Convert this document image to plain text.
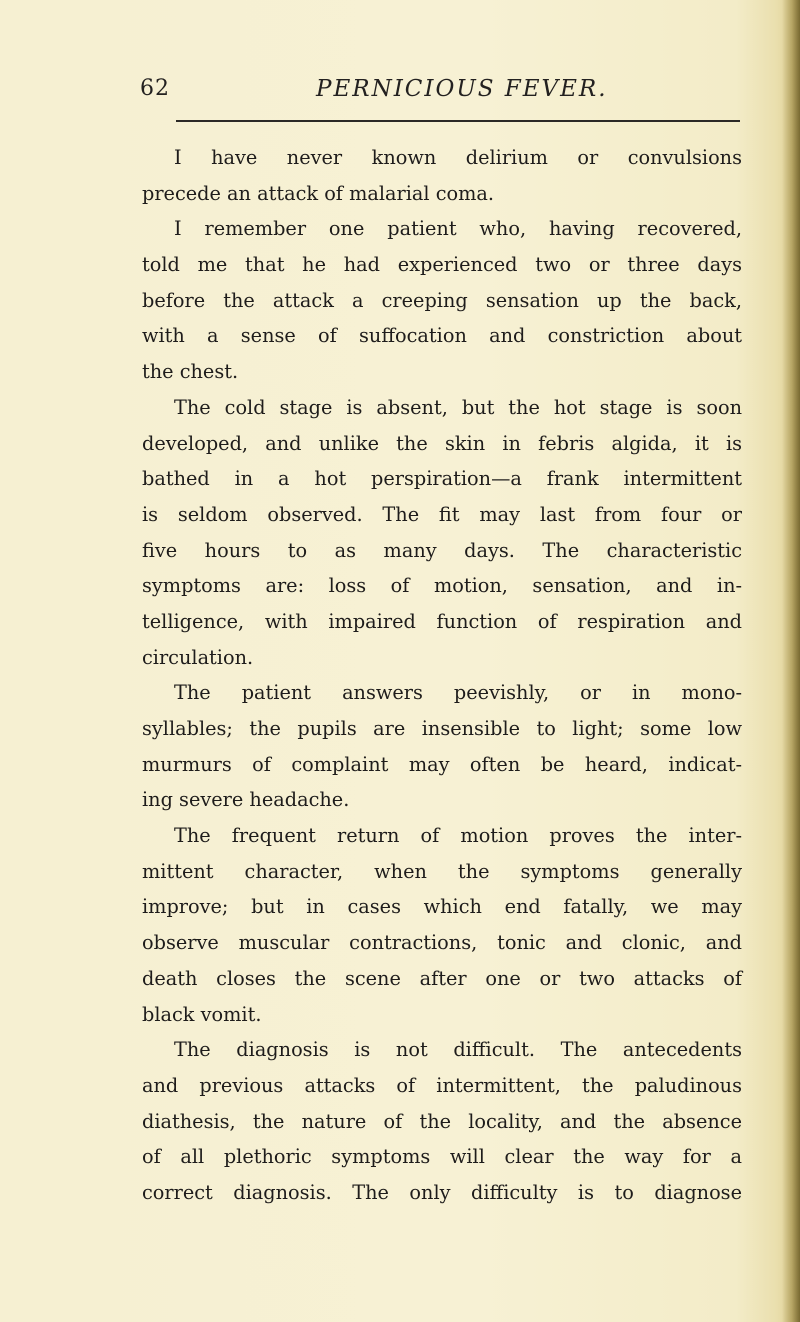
62	PERNICIOUS FEVER.
I have never known delirium or convulsions
precede an attack of malarial coma.
I remember one patient who, having recovered,
told me that he had experienced two or three days
before the attack a creeping sensation up the back,
with a sense of suffocation and constriction about
the chest.
The cold stage is absent, but the hot stage is soon
developed, and unlike the skin in febris algida, it is
bathed in a hot perspiration—a frank intermittent
is seldom observed. The fit may last from four or
five hours to as many days. The characteristic
symptoms are: loss of motion, sensation, and in-
telligence, with impaired function of respiration and
circulation.
The patient answers peevishly, or in mono-
syllables; the pupils are insensible to light; some low
murmurs of complaint may often be heard, indicat-
ing severe headache.
The frequent return of motion proves the inter-
mittent character, when the symptoms generally
improve; but in cases which end fatally, we may
observe muscular contractions, tonic and clonic, and
death closes the scene after one or two attacks of
black vomit.
The diagnosis is not difficult. The antecedents
and previous attacks of intermittent, the paludinous
diathesis, the nature of the locality, and the absence
of all plethoric symptoms will clear the way for a
correct diagnosis. The only difficulty is to diagnose
